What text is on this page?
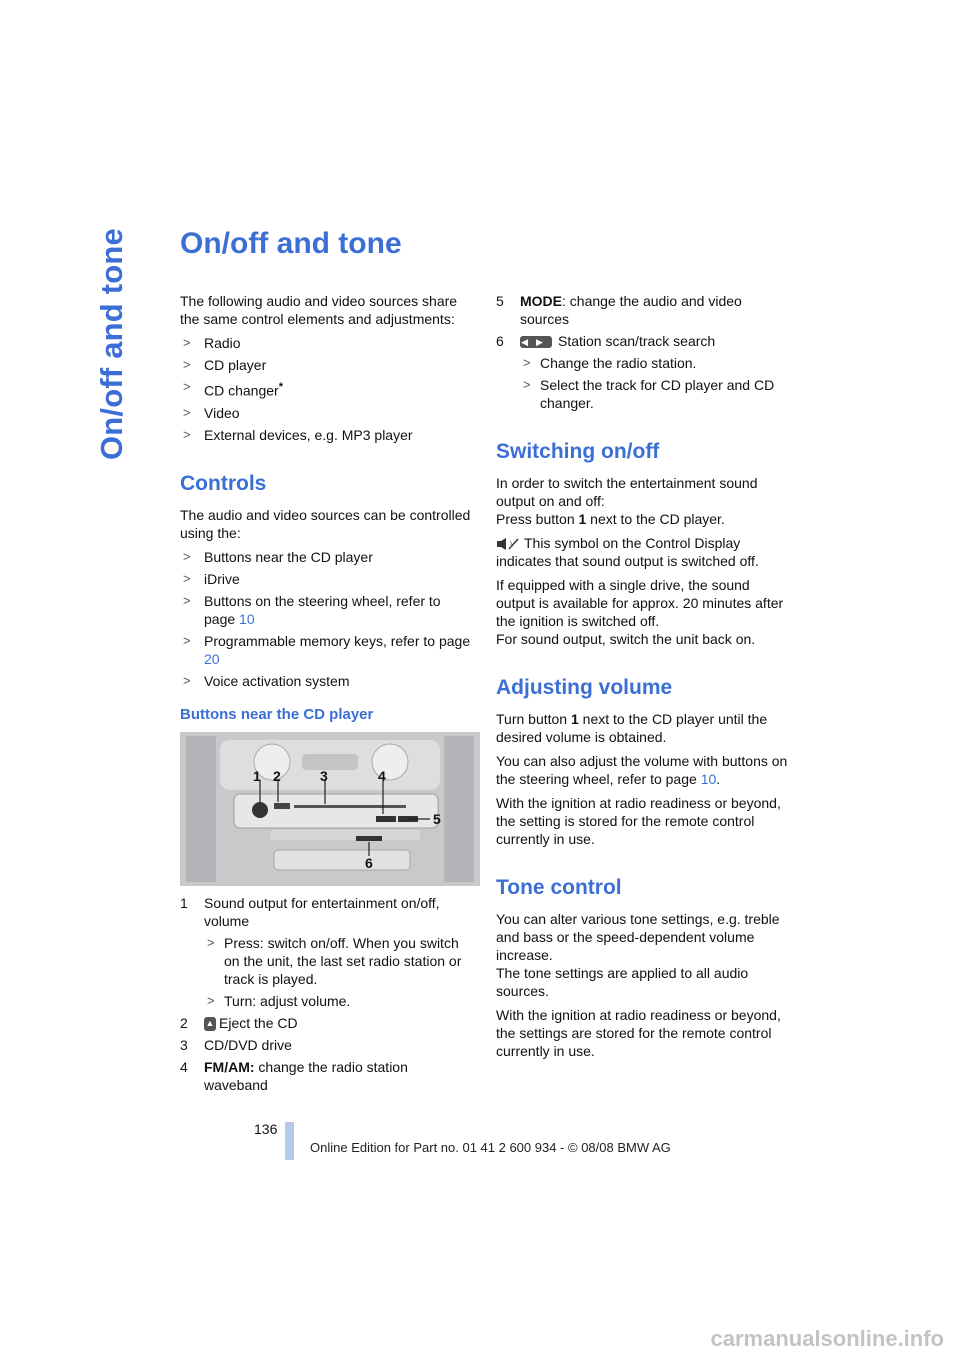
On/off and tone On/off and tone

The following audio and video sources share the same control elements and adjustments:

> Radio
> CD player
> CD changer*
> Video
> External devices, e.g. MP3 player
Controls

The audio and video sources can be controlled using the:

> Buttons near the CD player
> iDrive
> Buttons on the steering wheel, refer to page 10
> Programmable memory keys, refer to page 20
> Voice activation system
Buttons near the CD player
1 2	3	4
5
6
1 Sound output for entertainment on/off, volume
> Press: switch on/off. When you switch on the unit, the last set radio station or track is played.
> Turn: adjust volume.
2 ▲ Eject the CD
3 CD/DVD drive
4 FM/AM: change the radio station waveband
5 MODE: change the audio and video sources
6 ◀▶ Station scan/track search
> Change the radio station.
> Select the track for CD player and CD changer.
Switching on/off

In order to switch the entertainment sound output on and off:
Press button 1 next to the CD player.

This symbol on the Control Display indicates that sound output is switched off.

If equipped with a single drive, the sound output is available for approx. 20 minutes after the ignition is switched off.
For sound output, switch the unit back on.

Adjusting volume

Turn button 1 next to the CD player until the desired volume is obtained.

You can also adjust the volume with buttons on the steering wheel, refer to page 10.

With the ignition at radio readiness or beyond, the setting is stored for the remote control currently in use.

Tone control

You can alter various tone settings, e.g. treble and bass or the speed-dependent volume increase.
The tone settings are applied to all audio sources.

With the ignition at radio readiness or beyond, the settings are stored for the remote control currently in use.

136
Online Edition for Part no. 01 41 2 600 934 - © 08/08 BMW AG
carmanualsonline.info
